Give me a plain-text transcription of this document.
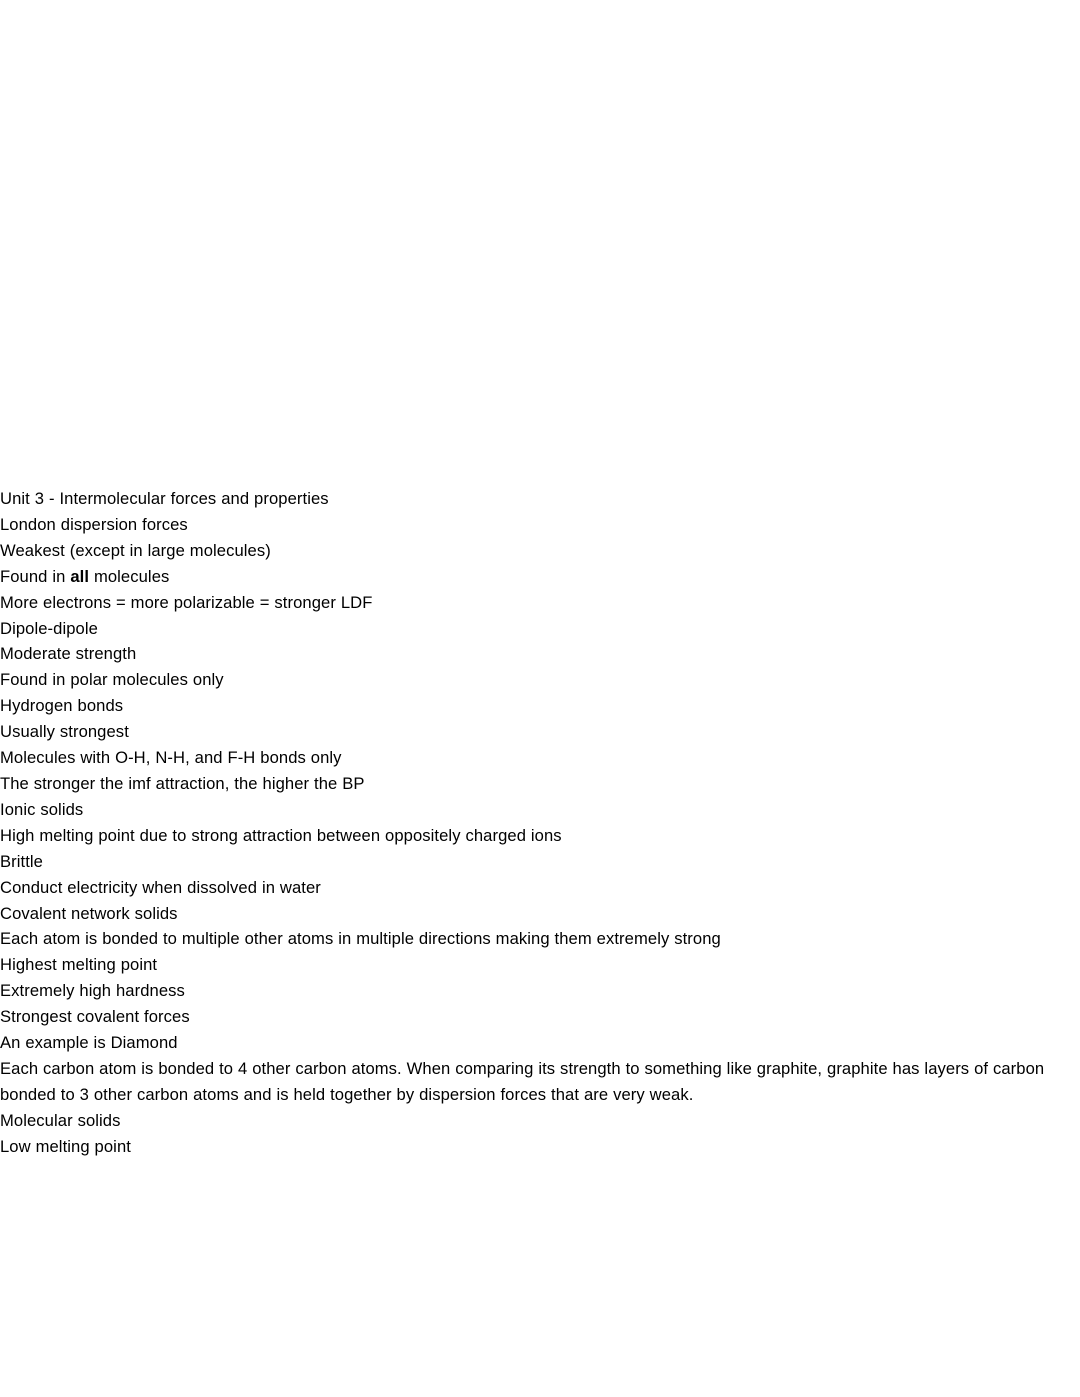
Unit 3 - Intermolecular forces and properties
London dispersion forces
Weakest (except in large molecules)
Found in all molecules
More electrons = more polarizable = stronger LDF
Dipole-dipole
Moderate strength
Found in polar molecules only
Hydrogen bonds
Usually strongest
Molecules with O-H, N-H, and F-H bonds only
The stronger the imf attraction, the higher the BP
Ionic solids
High melting point due to strong attraction between oppositely charged ions
Brittle
Conduct electricity when dissolved in water
Covalent network solids
Each atom is bonded to multiple other atoms in multiple directions making them extremely strong
Highest melting point
Extremely high hardness
Strongest covalent forces
An example is Diamond
Each carbon atom is bonded to 4 other carbon atoms. When comparing its strength to something like graphite, graphite has layers of carbon bonded to 3 other carbon atoms and is held together by dispersion forces that are very weak.
Molecular solids
Low melting point
